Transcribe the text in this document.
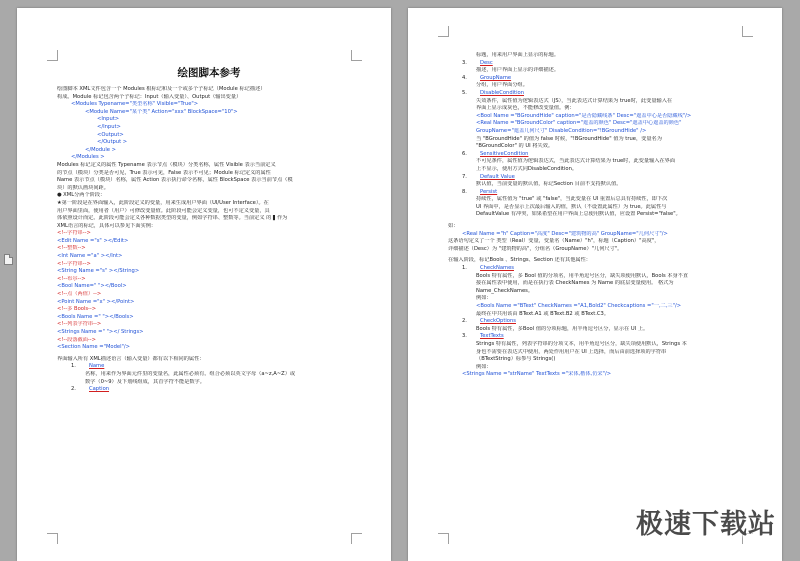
绘图脚本参考
绘图脚本 XML文件包含一个 Modules 根标记和及一个或多个子标记（Module 标记描述）
构成。Module 标记包含两个子标记：Input（输入变量）、Output（输出变量）
<Modules Typename="类型名称" Visible="True">
<Module Name="某个类" Action="xxx" BlockSpace="10">
<Input>
</Input>
<Output>
</Output >
</Module >
</Modules >
Modules 标记定义的属性 Typename 表示节点（模块）分类名称，属性 Visible 表示当前定义
的节点（模块）分类是否可见，True 表示可见，False 表示不可见；Module 标记定义的属性
Name 表示节点（模块）名称，属性 Action 表示执行命令名称，属性 BlockSpace 表示当前节点（模
块）的默认画块间距。
● XML分两个阶段：
★第一阶段是在界面输入，此阶段定义的变量，用来生成用户界面（UI/User Interface）。在
用户界面里面，使用者（用户）可修改变量值。此阶段可能会定义变量，也可不定义变量，具
体依照设计而定。此阶段可能会定义各种数据类型的变量，例如字符串、整数等。当前定义 的 ▌作为
XML语言的标记，具体可以参见下面实例：
<!--字符串-->
<Edit Name ="s" ></Edit>
<!--整数-->
<Int Name ="a" ></Int>
<!--字符串-->
<String Name ="s" ></String>
<!--布尔-->
<Bool Name=" "></Bool>
<!--点（两值）-->
<Point Name ="x" ></Point>
<!--多 Bools-->
<Bools Name =" "></Bools>
<!--列表字符串-->
<Strings Name =" "></ Strings>
<!--段落截面-->
<Section Name ="Model"/>
界面输入所有 XML描述语言（输入变量）都有以下相同的属性：
1.	Name
名称，用来作为界面元件里的变量名，此属性必须有。组合必须以英文字母（a~z,A~Z）或
数字（0~9）及下划线组成，其首字符不能是数字。
2.	Caption
标题，用来用户界面上显示的标题。
3.	Desc
描述，用户界面上显示的详细描述。
4.	GroupName
分组，用户界面分组。
5.	DisableCondition
失效条件，属性值为逻辑表达式（JS），当此表达式计算结果为 true时，此变量输入在
界面上显示成灰色，不能修改变量值。例：
<Bool Name ="BGroundHide" caption="是否隐藏线条" Desc="遮盖中心是否隐藏线"/>
<Real Name ="BGroundColor" caption="遮盖的颜色" Desc="遮盖中心遮盖的颜色"
GroupName="遮盖几何尺寸" DisableCondition="!BGroundHide" />
当 "BGroundHide" 的值为 false 时候，"!BGroundHide" 值为 true，变量名为
"BGroundColor" 的 UI 将失效。
6.	SensitiveCondition
不可见条件，属性值为逻辑表达式，当此表达式计算结果为 true时，此变量输入在界面
上不显示，使用方式同DisableCondition。
7.	Default Value
默认值，当前变量的默认值，标记Section 目前不支持默认值。
8.	Persist
持续性，属性值为 "true" 或 "false"，当此变量在 UI 重置后总具有持续性，即下次
UI 界面中，是否显示上次最后输入的值，默认（不设置此属性）为 true。此属性与
DefaultValue 有冲突，如果希望在用户界面上总使用默认值，应设置 Persist="false"。
如：
<Real Name ="h" Caption="高度" Desc="建筑物的高" GroupName="几何尺寸"/>
这条语句定义了一个 类型（Real）变量，变量名（Name）"h"，标题（Caption）"高度"，
详细描述（Desc）为 "建筑物的高"，分组名（GroupName）"几何尺寸"。
在输入阶段，标记Bools 、Strings、Section 还有其他属性：
1.	CheckNames
Bools 特有属性，多 Bool 值的分项名，用半角逗号区分，缺失项使用默认，Bools 本身不直
接在属性表中使用，而是在执行表 CheckNames 为 Name 的底层变量使用。 格式为
Name_CheckNames。
例如：
<Bools Name ="BText" CheckNames ="A1,Bold2" Checkcaptions ="一,二,三"/>
最终在中共用该由 BText.A1 或 BText.B2 或 BText.C3。
2.	CheckOptions
Bools 特有属性，多Bool 值的分项标题，用半角逗号区分，显示在 UI 上。
3.	TextTexts
Strings 特有属性，列表字符串的分项文本，用半角逗号区分，缺失项使用默认，Strings 本
身也不需要在表达式中使用，两处作用用户在 UI 上选择，而后由前选择项的字符串
（BTextString）标参与 Strings()
例如：
<Strings Name ="strName" TextTexts ="宋体,楷体,仿宋"/>
极速下载站
